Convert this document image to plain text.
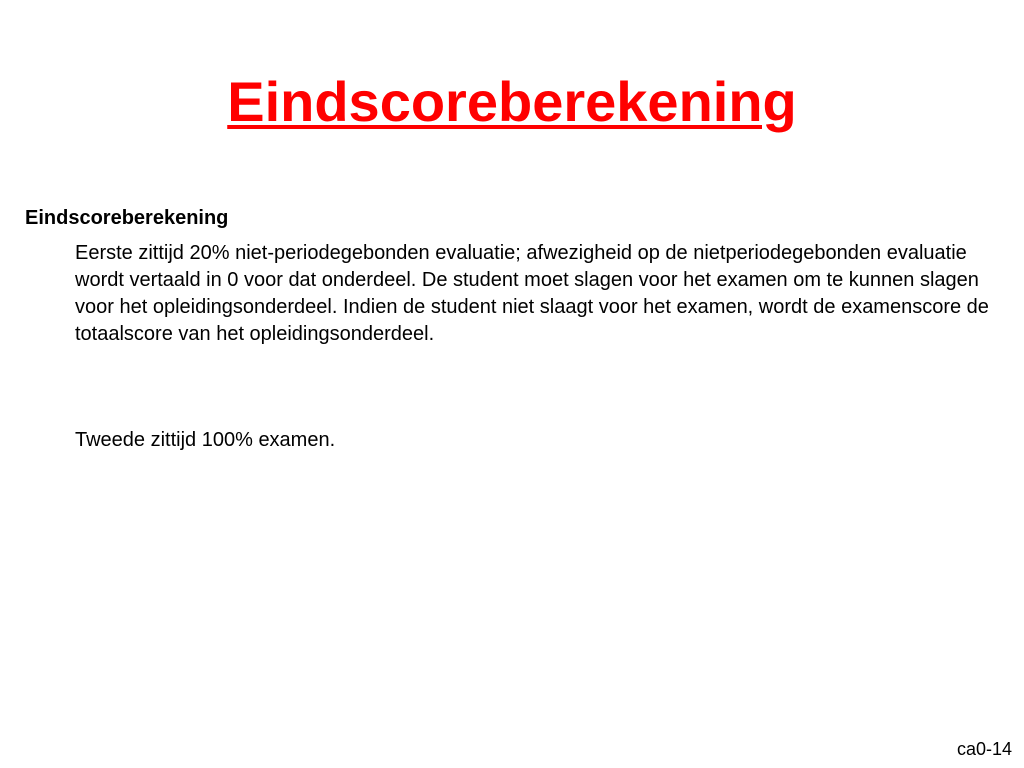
Eindscoreberekening
Eindscoreberekening

Eerste zittijd 20% niet-periodegebonden evaluatie; afwezigheid op de nietperiodegebonden evaluatie wordt vertaald in 0 voor dat onderdeel. De student moet slagen voor het examen om te kunnen slagen voor het opleidingsonderdeel. Indien de student niet slaagt voor het examen, wordt de examenscore de totaalscore van het opleidingsonderdeel.

Tweede zittijd 100% examen.

ca0-14
